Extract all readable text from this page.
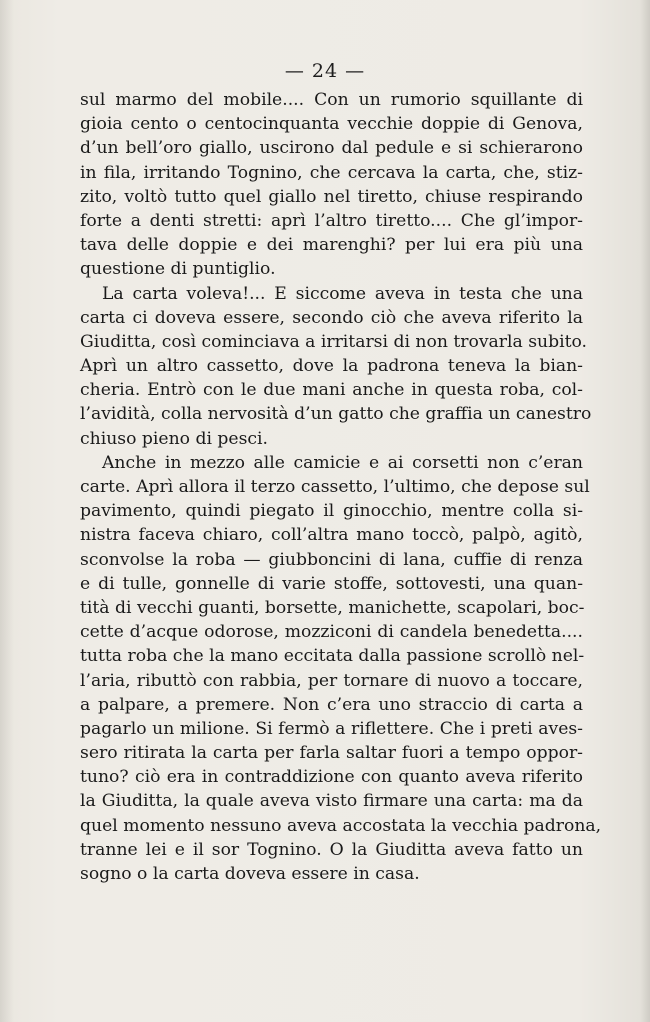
— 24 —
sul marmo del mobile.... Con un rumorio squillante di
gioia cento o centocinquanta vecchie doppie di Genova,
d’un bell’oro giallo, uscirono dal pedule e si schierarono
in fila, irritando Tognino, che cercava la carta, che, stiz-
zito, voltò tutto quel giallo nel tiretto, chiuse respirando
forte a denti stretti: aprì l’altro tiretto.... Che gl’impor-
tava delle doppie e dei marenghi? per lui era più una
questione di puntiglio.
La carta voleva!... E siccome aveva in testa che una
carta ci doveva essere, secondo ciò che aveva riferito la
Giuditta, così cominciava a irritarsi di non trovarla subito.
Aprì un altro cassetto, dove la padrona teneva la bian-
cheria. Entrò con le due mani anche in questa roba, col-
l’avidità, colla nervosità d’un gatto che graffia un canestro
chiuso pieno di pesci.
Anche in mezzo alle camicie e ai corsetti non c’eran
carte. Aprì allora il terzo cassetto, l’ultimo, che depose sul
pavimento, quindi piegato il ginocchio, mentre colla si-
nistra faceva chiaro, coll’altra mano toccò, palpò, agitò,
sconvolse la roba — giubboncini di lana, cuffie di renza
e di tulle, gonnelle di varie stoffe, sottovesti, una quan-
tità di vecchi guanti, borsette, manichette, scapolari, boc-
cette d’acque odorose, mozziconi di candela benedetta....
tutta roba che la mano eccitata dalla passione scrollò nel-
l’aria, ributtò con rabbia, per tornare di nuovo a toccare,
a palpare, a premere. Non c’era uno straccio di carta a
pagarlo un milione. Si fermò a riflettere. Che i preti aves-
sero ritirata la carta per farla saltar fuori a tempo oppor-
tuno? ciò era in contraddizione con quanto aveva riferito
la Giuditta, la quale aveva visto firmare una carta: ma da
quel momento nessuno aveva accostata la vecchia padrona,
tranne lei e il sor Tognino. O la Giuditta aveva fatto un
sogno o la carta doveva essere in casa.
